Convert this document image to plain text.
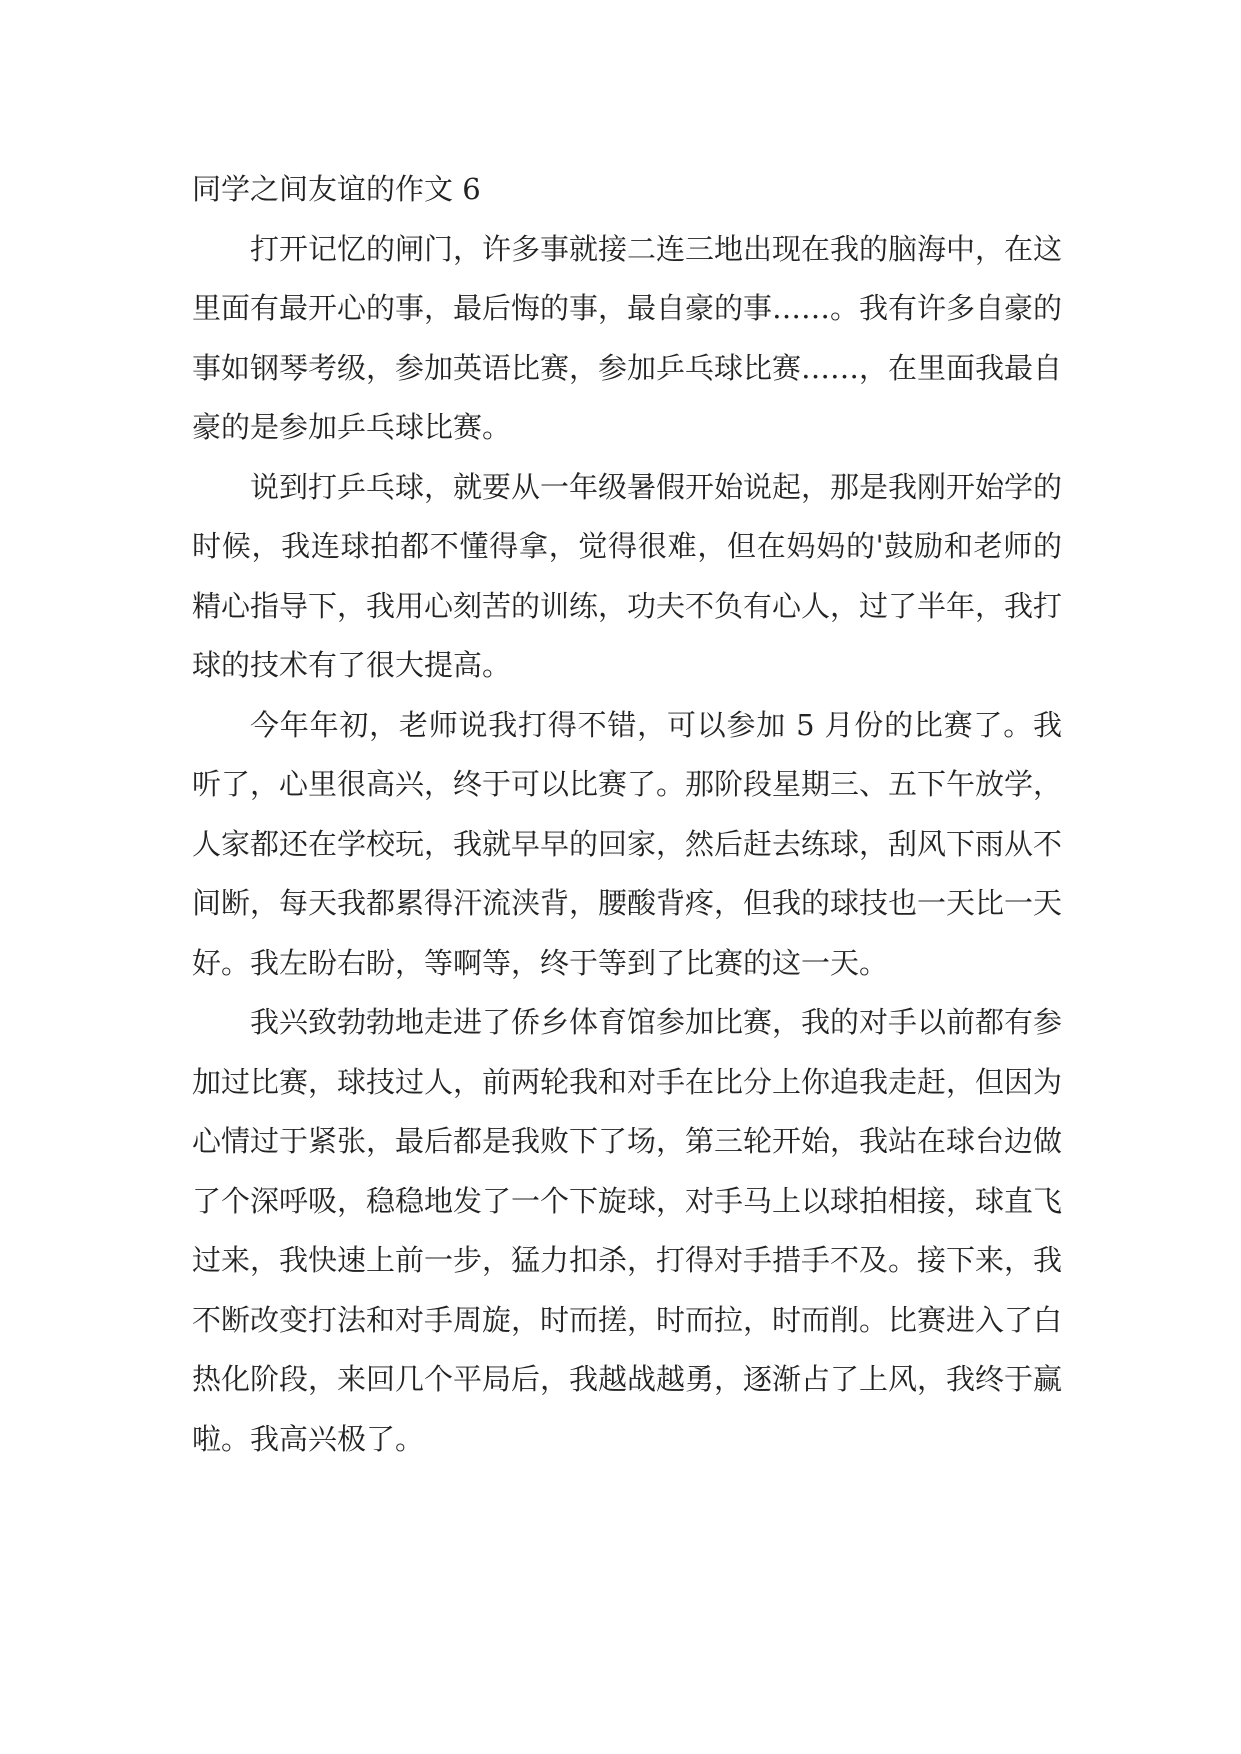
同学之间友谊的作文 6

打开记忆的闸门，许多事就接二连三地出现在我的脑海中，在这里面有最开心的事，最后悔的事，最自豪的事……。我有许多自豪的事如钢琴考级，参加英语比赛，参加乒乓球比赛……，在里面我最自豪的是参加乒乓球比赛。

说到打乒乓球，就要从一年级暑假开始说起，那是我刚开始学的时候，我连球拍都不懂得拿，觉得很难，但在妈妈的'鼓励和老师的精心指导下，我用心刻苦的训练，功夫不负有心人，过了半年，我打球的技术有了很大提高。

今年年初，老师说我打得不错，可以参加 5 月份的比赛了。我听了，心里很高兴，终于可以比赛了。那阶段星期三、五下午放学，人家都还在学校玩，我就早早的回家，然后赶去练球，刮风下雨从不间断，每天我都累得汗流浃背，腰酸背疼，但我的球技也一天比一天好。我左盼右盼，等啊等，终于等到了比赛的这一天。

我兴致勃勃地走进了侨乡体育馆参加比赛，我的对手以前都有参加过比赛，球技过人，前两轮我和对手在比分上你追我走赶，但因为心情过于紧张，最后都是我败下了场，第三轮开始，我站在球台边做了个深呼吸，稳稳地发了一个下旋球，对手马上以球拍相接，球直飞过来，我快速上前一步，猛力扣杀，打得对手措手不及。接下来，我不断改变打法和对手周旋，时而搓，时而拉，时而削。比赛进入了白热化阶段，来回几个平局后，我越战越勇，逐渐占了上风，我终于赢啦。我高兴极了。
